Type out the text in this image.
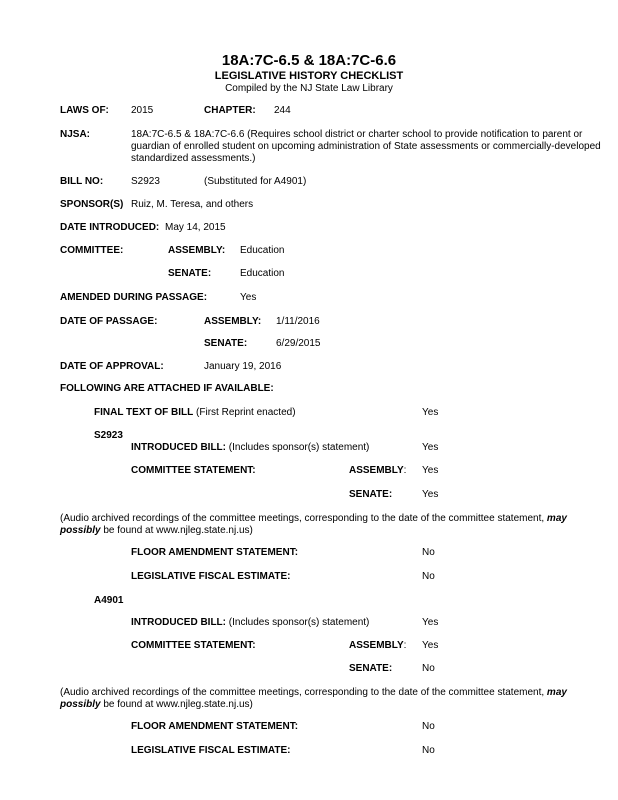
18A:7C-6.5 & 18A:7C-6.6
LEGISLATIVE HISTORY CHECKLIST
Compiled by the NJ State Law Library
LAWS OF: 2015	CHAPTER: 244
NJSA:	18A:7C-6.5 & 18A:7C-6.6 (Requires school district or charter school to provide notification to parent or guardian of enrolled student on upcoming administration of State assessments or commercially-developed standardized assessments.)
BILL NO:	S2923	(Substituted for A4901)
SPONSOR(S) Ruiz, M. Teresa, and others
DATE INTRODUCED: May 14, 2015
COMMITTEE:	ASSEMBLY: Education
SENATE:	Education
AMENDED DURING PASSAGE:	Yes
DATE OF PASSAGE:	ASSEMBLY: 1/11/2016
SENATE:	6/29/2015
DATE OF APPROVAL:	January 19, 2016
FOLLOWING ARE ATTACHED IF AVAILABLE:
FINAL TEXT OF BILL (First Reprint enacted)	Yes
S2923
INTRODUCED BILL: (Includes sponsor(s) statement)	Yes
COMMITTEE STATEMENT:	ASSEMBLY: Yes
SENATE:	Yes
(Audio archived recordings of the committee meetings, corresponding to the date of the committee statement, may possibly be found at www.njleg.state.nj.us)
FLOOR AMENDMENT STATEMENT:	No
LEGISLATIVE FISCAL ESTIMATE:	No
A4901
INTRODUCED BILL: (Includes sponsor(s) statement)	Yes
COMMITTEE STATEMENT:	ASSEMBLY: Yes
SENATE:	No
(Audio archived recordings of the committee meetings, corresponding to the date of the committee statement, may possibly be found at www.njleg.state.nj.us)
FLOOR AMENDMENT STATEMENT:	No
LEGISLATIVE FISCAL ESTIMATE:	No
